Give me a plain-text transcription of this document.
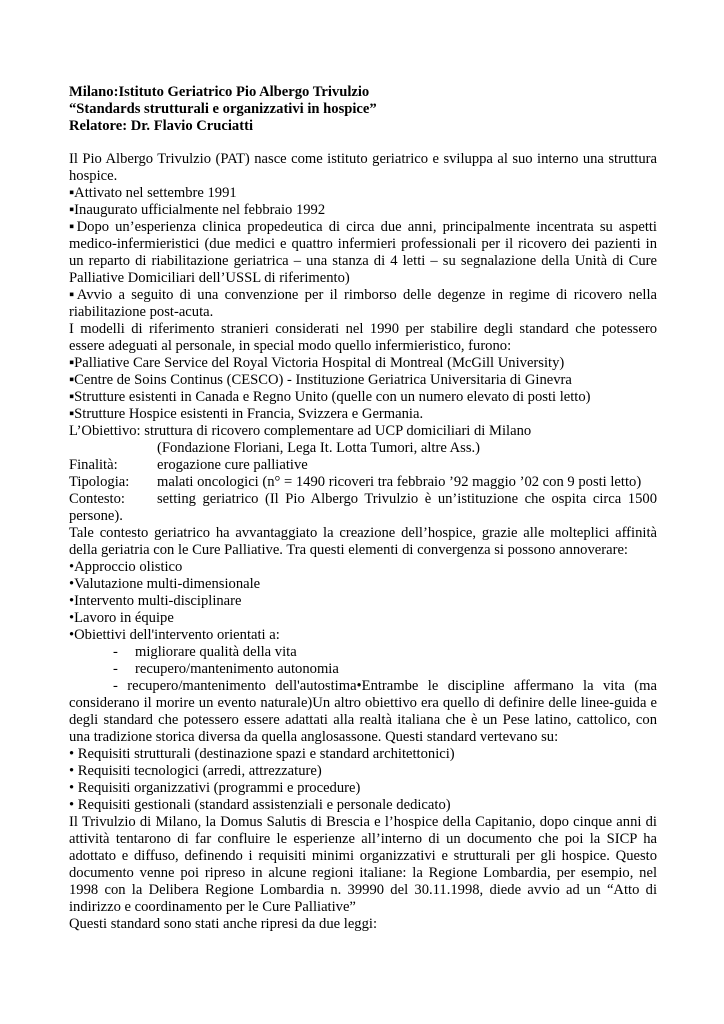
Milano:Istituto Geriatrico Pio Albergo Trivulzio

“Standards strutturali e organizzativi in hospice”

Relatore: Dr. Flavio Cruciatti

Il Pio Albergo Trivulzio (PAT) nasce come istituto geriatrico e sviluppa al suo interno una struttura hospice.

▪Attivato nel settembre 1991

▪Inaugurato ufficialmente nel febbraio 1992

▪Dopo un’esperienza clinica propedeutica di circa due anni, principalmente incentrata su aspetti medico-infermieristici (due medici e quattro infermieri professionali per il ricovero dei pazienti in un reparto di riabilitazione geriatrica – una stanza di 4 letti – su segnalazione della Unità di Cure Palliative Domiciliari dell’USSL di riferimento)

▪Avvio a seguito di una convenzione per il rimborso delle degenze in regime di ricovero nella riabilitazione post-acuta.

I modelli di riferimento stranieri considerati nel 1990 per stabilire degli standard che potessero essere adeguati al personale, in special modo quello infermieristico, furono:

▪Palliative Care Service del Royal Victoria Hospital di Montreal (McGill University)

▪Centre de Soins Continus (CESCO) - Instituzione Geriatrica Universitaria di Ginevra

▪Strutture esistenti in Canada e Regno Unito (quelle con un numero elevato di posti letto)

▪Strutture Hospice esistenti in Francia, Svizzera e Germania.

L’Obiettivo: struttura di ricovero complementare ad UCP domiciliari di Milano

(Fondazione Floriani, Lega It. Lotta Tumori, altre Ass.)

Finalità:	erogazione cure palliative
Tipologia:	malati oncologici (n° = 1490 ricoveri tra febbraio ’92 maggio ’02 con 9 posti letto)
Contesto:	setting geriatrico (Il Pio Albergo Trivulzio è un’istituzione che ospita circa 1500

persone).

Tale contesto geriatrico ha avvantaggiato la creazione dell’hospice, grazie alle molteplici affinità della geriatria con le Cure Palliative. Tra questi elementi di convergenza si possono annoverare:

•Approccio olistico

•Valutazione multi-dimensionale

•Intervento multi-disciplinare

•Lavoro in équipe

•Obiettivi dell'intervento orientati a:

- migliorare qualità della vita

- recupero/mantenimento autonomia

- recupero/mantenimento dell'autostima•Entrambe le discipline affermano la vita (ma

considerano il morire un evento naturale)Un altro obiettivo era quello di definire delle linee-guida e degli standard che potessero essere adattati alla realtà italiana che è un Pese latino, cattolico, con una tradizione storica diversa da quella anglosassone. Questi standard vertevano su:

• Requisiti strutturali (destinazione spazi e standard architettonici)

• Requisiti tecnologici (arredi, attrezzature)

• Requisiti organizzativi (programmi e procedure)

• Requisiti gestionali (standard assistenziali e personale dedicato)

Il Trivulzio di Milano, la Domus Salutis di Brescia e l’hospice della Capitanio, dopo cinque anni di attività tentarono di far confluire le esperienze all’interno di un documento che poi la SICP ha adottato e diffuso, definendo i requisiti minimi organizzativi e strutturali per gli hospice. Questo documento venne poi ripreso in alcune regioni italiane: la Regione Lombardia, per esempio, nel 1998 con la Delibera Regione Lombardia n. 39990 del 30.11.1998, diede avvio ad un “Atto di indirizzo e coordinamento per le Cure Palliative”

Questi standard sono stati anche ripresi da due leggi:
